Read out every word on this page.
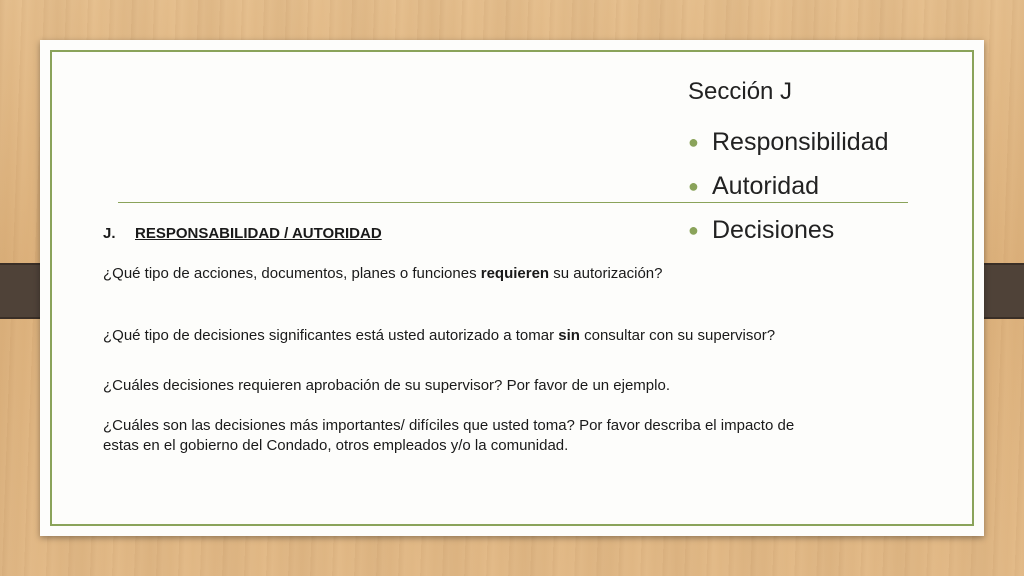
Sección J
● Responsibilidad
● Autoridad
● Decisiones
J.	RESPONSABILIDAD / AUTORIDAD

¿Qué tipo de acciones, documentos, planes o funciones requieren su autorización?

¿Qué tipo de decisiones significantes está usted autorizado a tomar sin consultar con su supervisor?

¿Cuáles decisiones requieren aprobación de su supervisor? Por favor de un ejemplo.

¿Cuáles son las decisiones más importantes/ difíciles que usted toma? Por favor describa el impacto de
estas en el gobierno del Condado, otros empleados y/o la comunidad.
